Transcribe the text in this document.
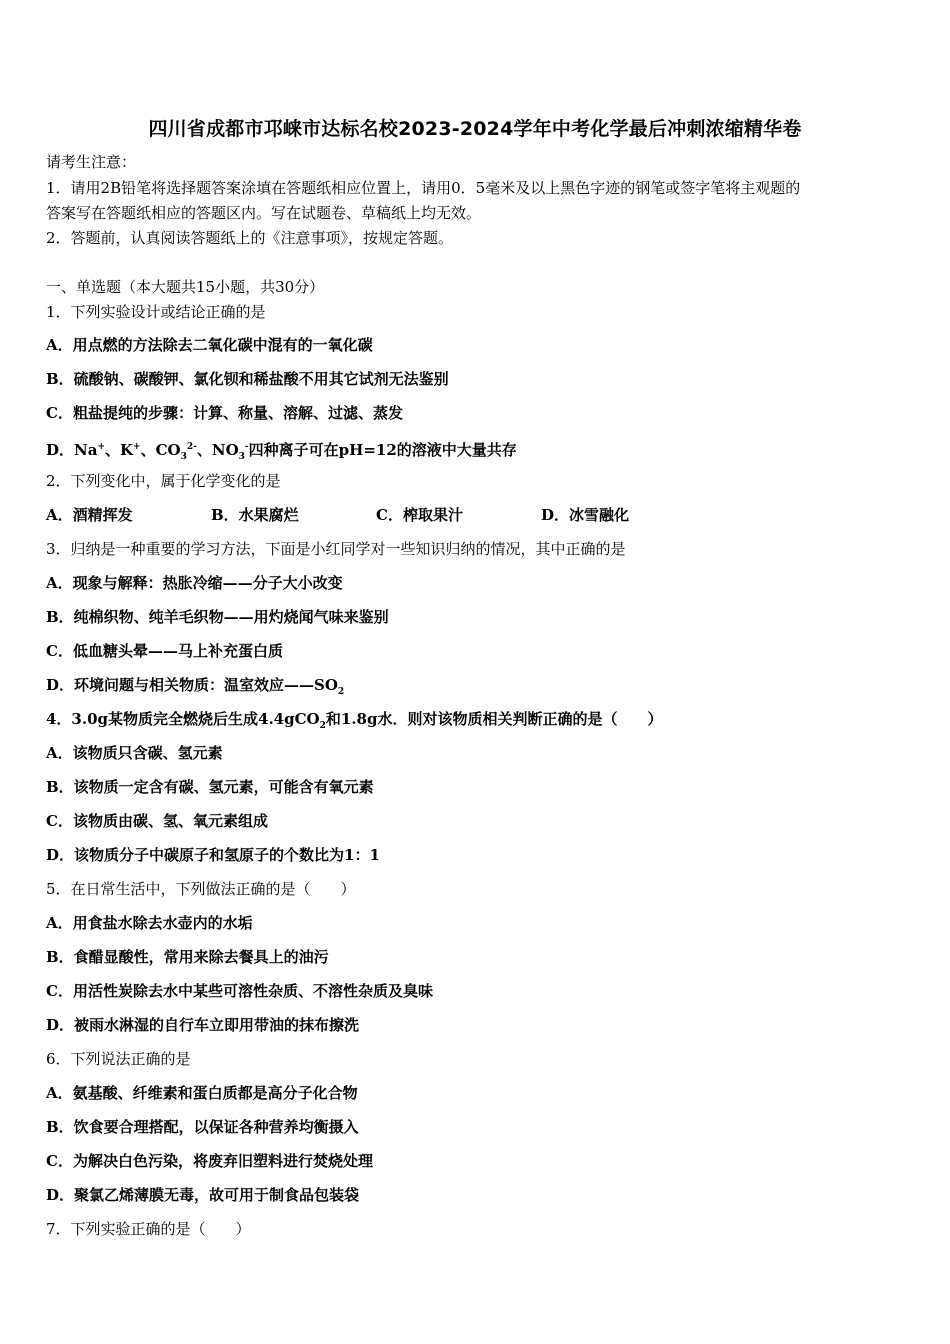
四川省成都市邛崃市达标名校2023-2024学年中考化学最后冲刺浓缩精华卷
请考生注意：
1．请用2B铅笔将选择题答案涂填在答题纸相应位置上，请用0．5毫米及以上黑色字迹的钢笔或签字笔将主观题的
答案写在答题纸相应的答题区内。写在试题卷、草稿纸上均无效。
2．答题前，认真阅读答题纸上的《注意事项》，按规定答题。
一、单选题（本大题共15小题，共30分）
1．下列实验设计或结论正确的是
A．用点燃的方法除去二氧化碳中混有的一氧化碳
B．硫酸钠、碳酸钾、氯化钡和稀盐酸不用其它试剂无法鉴别
C．粗盐提纯的步骤：计算、称量、溶解、过滤、蒸发
D．Na+、K+、$CO_3^{2-}$、$NO_3^-$四种离子可在pH=12的溶液中大量共存
2．下列变化中，属于化学变化的是
A．酒精挥发	B．水果腐烂	C．榨取果汁	D．冰雪融化
3．归纳是一种重要的学习方法，下面是小红同学对一些知识归纳的情况，其中正确的是
A．现象与解释：热胀冷缩——分子大小改变
B．纯棉织物、纯羊毛织物——用灼烧闻气味来鉴别
C．低血糖头晕——马上补充蛋白质
D．环境问题与相关物质：温室效应$——SO_2$
4．3.0g某物质完全燃烧后生成4.4gCO$_2$和1.8g水．则对该物质相关判断正确的是（　　）
A．该物质只含碳、氢元素
B．该物质一定含有碳、氢元素，可能含有氧元素
C．该物质由碳、氢、氧元素组成
D．该物质分子中碳原子和氢原子的个数比为1：1
5．在日常生活中，下列做法正确的是（　　）
A．用食盐水除去水壶内的水垢
B．食醋显酸性，常用来除去餐具上的油污
C．用活性炭除去水中某些可溶性杂质、不溶性杂质及臭味
D．被雨水淋湿的自行车立即用带油的抹布擦洗
6．下列说法正确的是
A．氨基酸、纤维素和蛋白质都是高分子化合物
B．饮食要合理搭配，以保证各种营养均衡摄入
C．为解决白色污染，将废弃旧塑料进行焚烧处理
D．聚氯乙烯薄膜无毒，故可用于制食品包装袋
7．下列实验正确的是（　　）
